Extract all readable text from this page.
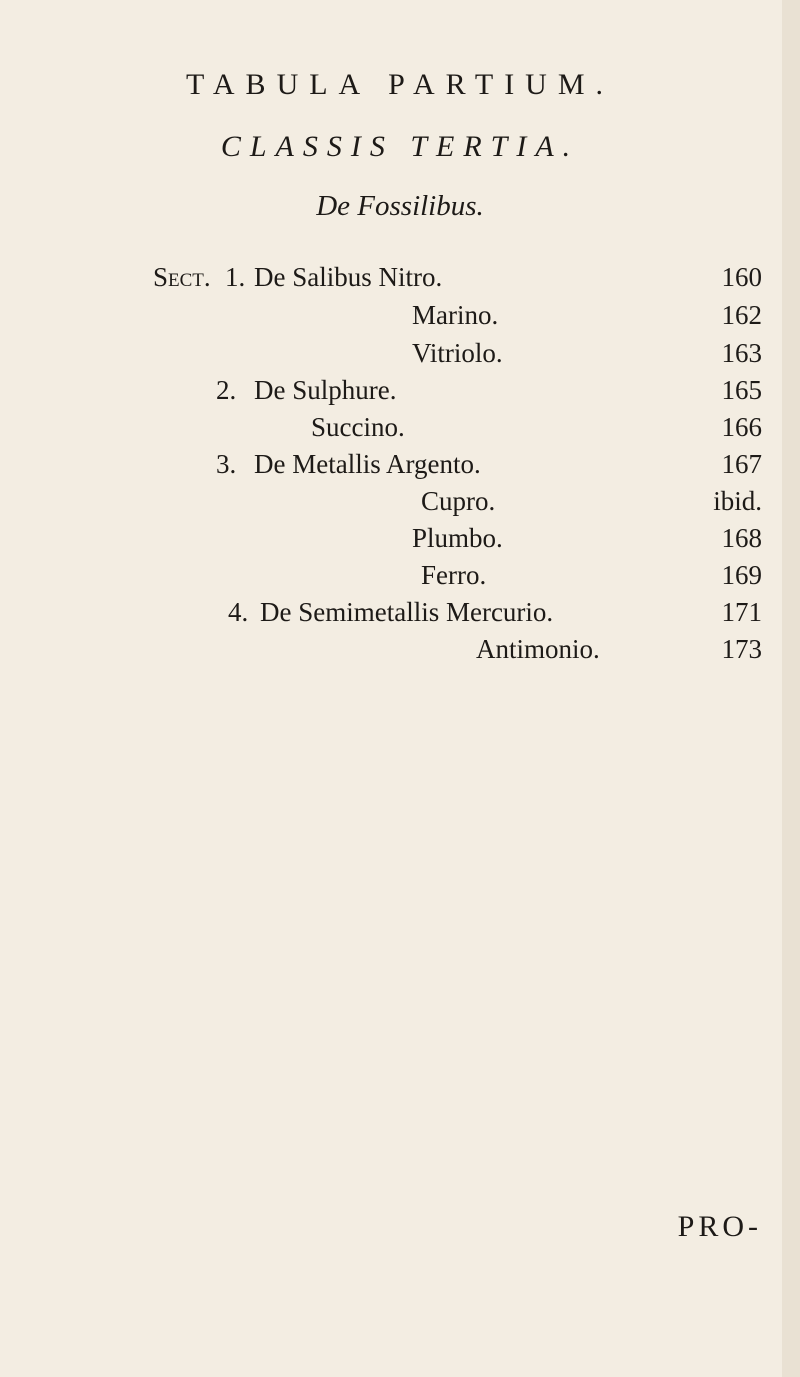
TABULA PARTIUM.
CLASSIS TERTIA.
De Fossilibus.
Sect. 1. De Salibus Nitro.	160
Marino.	162
Vitriolo.	163
2. De Sulphure.	165
Succino.	166
3. De Metallis Argento.	167
Cupro.	ibid.
Plumbo.	168
Ferro.	169
4. De Semimetallis Mercurio.	171
Antimonio.	173
PRO-
